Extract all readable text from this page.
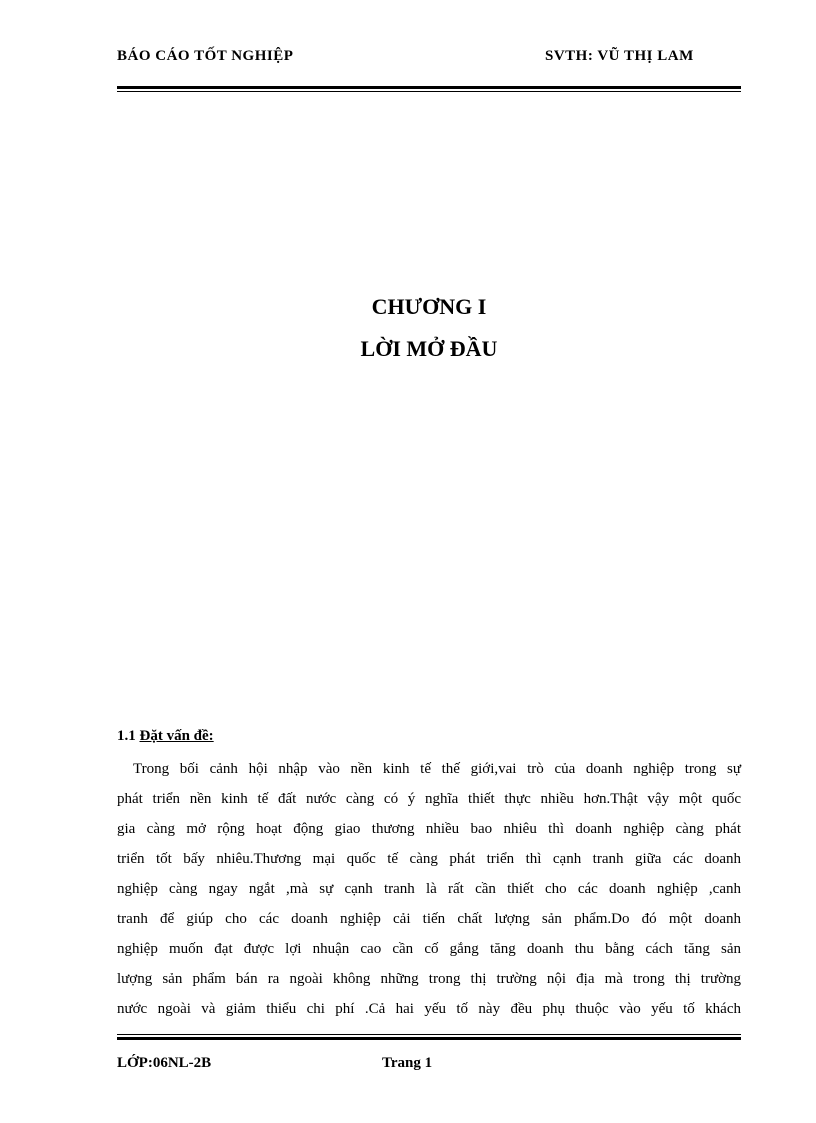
BÁO CÁO TỐT NGHIỆP	SVTH: VŨ THỊ LAM
CHƯƠNG I
LỜI MỞ ĐẦU
1.1 Đặt vấn đề:
Trong bối cảnh hội nhập vào nền kinh tế thế giới,vai trò của doanh nghiệp trong sự
phát triển nền kinh tế đất nước càng có ý nghĩa thiết thực nhiều hơn.Thật vậy một quốc
gia càng mở rộng hoạt động giao thương nhiều bao nhiêu thì doanh nghiệp càng phát
triển tốt bấy nhiêu.Thương mại quốc tế càng phát triển thì cạnh tranh giữa các doanh
nghiệp càng ngay ngắt ,mà sự cạnh tranh là rất cần thiết cho các doanh nghiệp ,canh
tranh để giúp cho các doanh nghiệp cải tiến chất lượng sản phẩm.Do đó một doanh
nghiệp muốn đạt được lợi nhuận cao cần cố gắng tăng doanh thu bằng cách tăng sản
lượng sản phẩm bán ra ngoài không những trong thị trường nội địa mà trong thị trường
nước ngoài và giảm thiểu chi phí .Cả hai yếu tố này đều phụ thuộc vào yếu tố khách
LỚP:06NL-2B	Trang 1
